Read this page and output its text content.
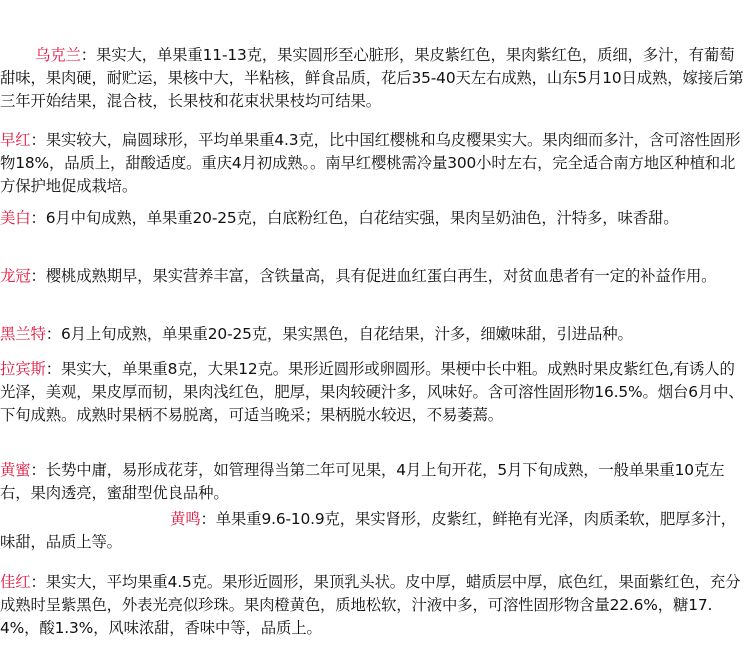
乌克兰：果实大，单果重11-13克，果实圆形至心脏形，果皮紫红色，果肉紫红色，质细，多汁，有葡萄甜味，果肉硬，耐贮运，果核中大，半粘核，鲜食品质，花后35-40天左右成熟，山东5月10日成熟，嫁接后第三年开始结果，混合枝，长果枝和花束状果枝均可结果。

早红：果实较大，扁圆球形，平均单果重4.3克，比中国红樱桃和乌皮樱果实大。果肉细而多汁，含可溶性固形物18%，品质上，甜酸适度。重庆4月初成熟。。南早红樱桃需冷量300小时左右，完全适合南方地区种植和北方保护地促成栽培。

美白：6月中旬成熟，单果重20-25克，白底粉红色，白花结实强，果肉呈奶油色，汁特多，味香甜。

龙冠：樱桃成熟期早，果实营养丰富，含铁量高，具有促进血红蛋白再生，对贫血患者有一定的补益作用。

黑兰特：6月上旬成熟，单果重20-25克，果实黑色，自花结果，汁多，细嫩味甜，引进品种。

拉宾斯：果实大，单果重8克，大果12克。果形近圆形或卵圆形。果梗中长中粗。成熟时果皮紫红色,有诱人的光泽，美观，果皮厚而韧，果肉浅红色，肥厚，果肉较硬汁多，风味好。含可溶性固形物16.5%。烟台6月中、下旬成熟。成熟时果柄不易脱离，可适当晚采；果柄脱水较迟，不易萎蔫。

黄蜜：长势中庸，易形成花芽，如管理得当第二年可见果，4月上旬开花，5月下旬成熟，一般单果重10克左右，果肉透亮，蜜甜型优良品种。

黄鸣：单果重9.6-10.9克，果实肾形，皮紫红，鲜艳有光泽，肉质柔软，肥厚多汁，味甜，品质上等。

佳红：果实大，平均果重4.5克。果形近圆形，果顶乳头状。皮中厚，蜡质层中厚，底色红，果面紫红色，充分成熟时呈紫黑色，外表光亮似珍珠。果肉橙黄色，质地松软，汁液中多，可溶性固形物含量22.6%，糖17.4%，酸1.3%，风味浓甜，香味中等，品质上。
